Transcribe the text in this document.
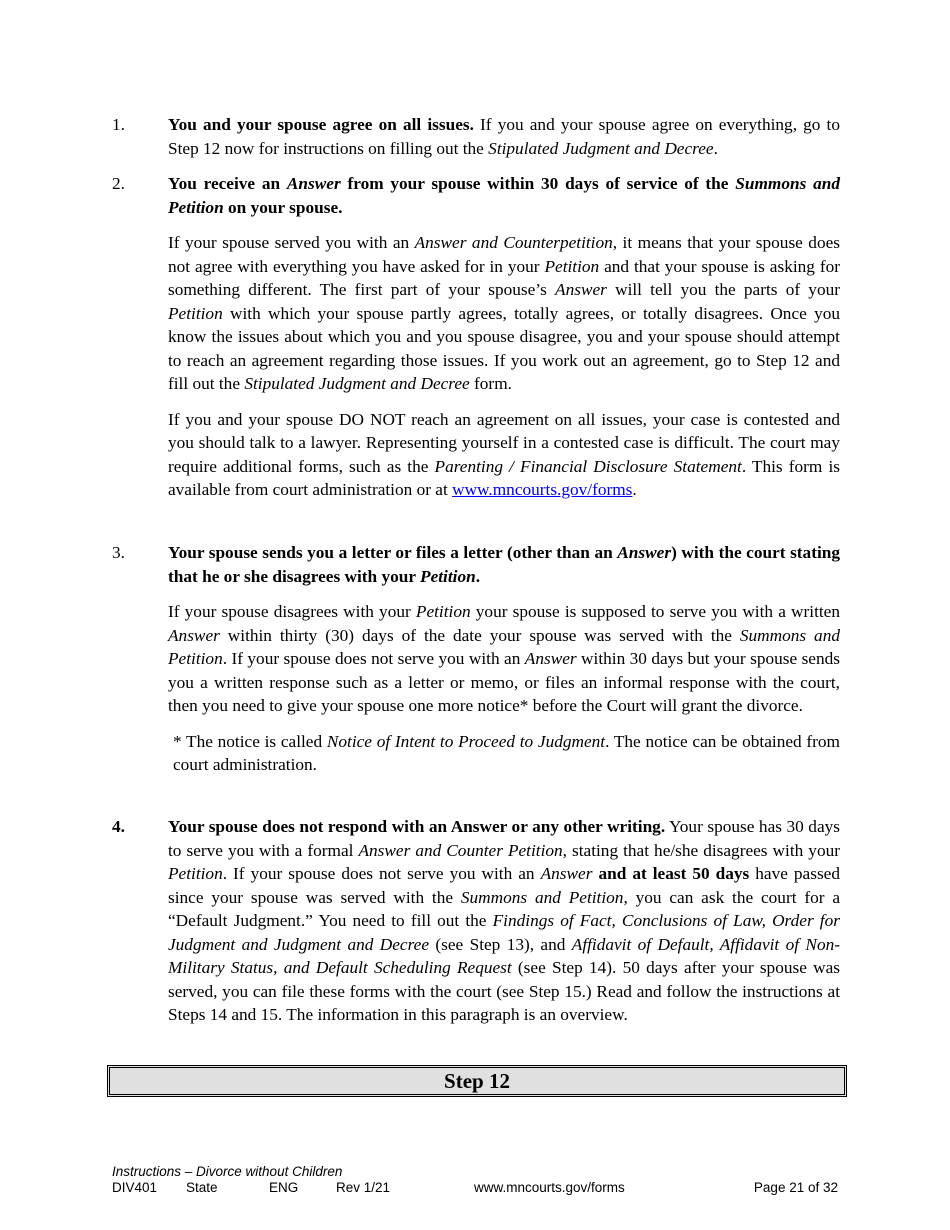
1. You and your spouse agree on all issues. If you and your spouse agree on everything, go to Step 12 now for instructions on filling out the Stipulated Judgment and Decree.

2. You receive an Answer from your spouse within 30 days of service of the Summons and Petition on your spouse.

If your spouse served you with an Answer and Counterpetition, it means that your spouse does not agree with everything you have asked for in your Petition and that your spouse is asking for something different. The first part of your spouse’s Answer will tell you the parts of your Petition with which your spouse partly agrees, totally agrees, or totally disagrees. Once you know the issues about which you and you spouse disagree, you and your spouse should attempt to reach an agreement regarding those issues. If you work out an agreement, go to Step 12 and fill out the Stipulated Judgment and Decree form.

If you and your spouse DO NOT reach an agreement on all issues, your case is contested and you should talk to a lawyer. Representing yourself in a contested case is difficult. The court may require additional forms, such as the Parenting / Financial Disclosure Statement. This form is available from court administration or at www.mncourts.gov/forms.

3. Your spouse sends you a letter or files a letter (other than an Answer) with the court stating that he or she disagrees with your Petition.

If your spouse disagrees with your Petition your spouse is supposed to serve you with a written Answer within thirty (30) days of the date your spouse was served with the Summons and Petition. If your spouse does not serve you with an Answer within 30 days but your spouse sends you a written response such as a letter or memo, or files an informal response with the court, then you need to give your spouse one more notice* before the Court will grant the divorce.

* The notice is called Notice of Intent to Proceed to Judgment. The notice can be obtained from court administration.

4. Your spouse does not respond with an Answer or any other writing. Your spouse has 30 days to serve you with a formal Answer and Counter Petition, stating that he/she disagrees with your Petition. If your spouse does not serve you with an Answer and at least 50 days have passed since your spouse was served with the Summons and Petition, you can ask the court for a “Default Judgment.” You need to fill out the Findings of Fact, Conclusions of Law, Order for Judgment and Judgment and Decree (see Step 13), and Affidavit of Default, Affidavit of Non-Military Status, and Default Scheduling Request (see Step 14). 50 days after your spouse was served, you can file these forms with the court (see Step 15.) Read and follow the instructions at Steps 14 and 15. The information in this paragraph is an overview.

Step 12
Instructions – Divorce without Children
DIV401 State	ENG	Rev 1/21	www.mncourts.gov/forms	Page 21 of 32
